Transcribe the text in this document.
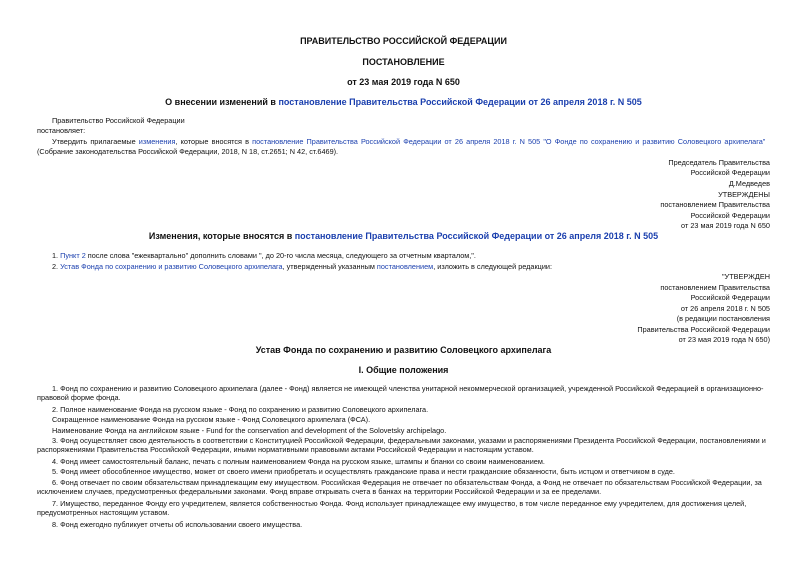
ПРАВИТЕЛЬСТВО РОССИЙСКОЙ ФЕДЕРАЦИИ
ПОСТАНОВЛЕНИЕ
от 23 мая 2019 года N 650
О внесении изменений в постановление Правительства Российской Федерации от 26 апреля 2018 г. N 505
Правительство Российской Федерации
постановляет:
Утвердить прилагаемые изменения, которые вносятся в постановление Правительства Российской Федерации от 26 апреля 2018 г. N 505 "О Фонде по сохранению и развитию Соловецкого архипелага"
(Собрание законодательства Российской Федерации, 2018, N 18, ст.2651; N 42, ст.6469).
Председатель Правительства
Российской Федерации
Д.Медведев
УТВЕРЖДЕНЫ
постановлением Правительства
Российской Федерации
от 23 мая 2019 года N 650
Изменения, которые вносятся в постановление Правительства Российской Федерации от 26 апреля 2018 г. N 505
1. Пункт 2 после слова "ежеквартально" дополнить словами ", до 20-го числа месяца, следующего за отчетным кварталом,".
2. Устав Фонда по сохранению и развитию Соловецкого архипелага, утвержденный указанным постановлением, изложить в следующей редакции:
"УТВЕРЖДЕН
постановлением Правительства
Российской Федерации
от 26 апреля 2018 г. N 505
(в редакции постановления
Правительства Российской Федерации
от 23 мая 2019 года N 650)
Устав Фонда по сохранению и развитию Соловецкого архипелага
I. Общие положения
1. Фонд по сохранению и развитию Соловецкого архипелага (далее - Фонд) является не имеющей членства унитарной некоммерческой организацией, учрежденной Российской Федерацией в организационно-правовой форме фонда.
2. Полное наименование Фонда на русском языке - Фонд по сохранению и развитию Соловецкого архипелага.
Сокращенное наименование Фонда на русском языке - Фонд Соловецкого архипелага (ФСА).
Наименование Фонда на английском языке - Fund for the conservation and development of the Solovetsky archipelago.
3. Фонд осуществляет свою деятельность в соответствии с Конституцией Российской Федерации, федеральными законами, указами и распоряжениями Президента Российской Федерации, постановлениями и распоряжениями Правительства Российской Федерации, иными нормативными правовыми актами Российской Федерации и настоящим уставом.
4. Фонд имеет самостоятельный баланс, печать с полным наименованием Фонда на русском языке, штампы и бланки со своим наименованием.
5. Фонд имеет обособленное имущество, может от своего имени приобретать и осуществлять гражданские права и нести гражданские обязанности, быть истцом и ответчиком в суде.
6. Фонд отвечает по своим обязательствам принадлежащим ему имуществом. Российская Федерация не отвечает по обязательствам Фонда, а Фонд не отвечает по обязательствам Российской Федерации, за исключением случаев, предусмотренных федеральными законами. Фонд вправе открывать счета в банках на территории Российской Федерации и за ее пределами.
7. Имущество, переданное Фонду его учредителем, является собственностью Фонда. Фонд использует принадлежащее ему имущество, в том числе переданное ему учредителем, для достижения целей, предусмотренных настоящим уставом.
8. Фонд ежегодно публикует отчеты об использовании своего имущества.
